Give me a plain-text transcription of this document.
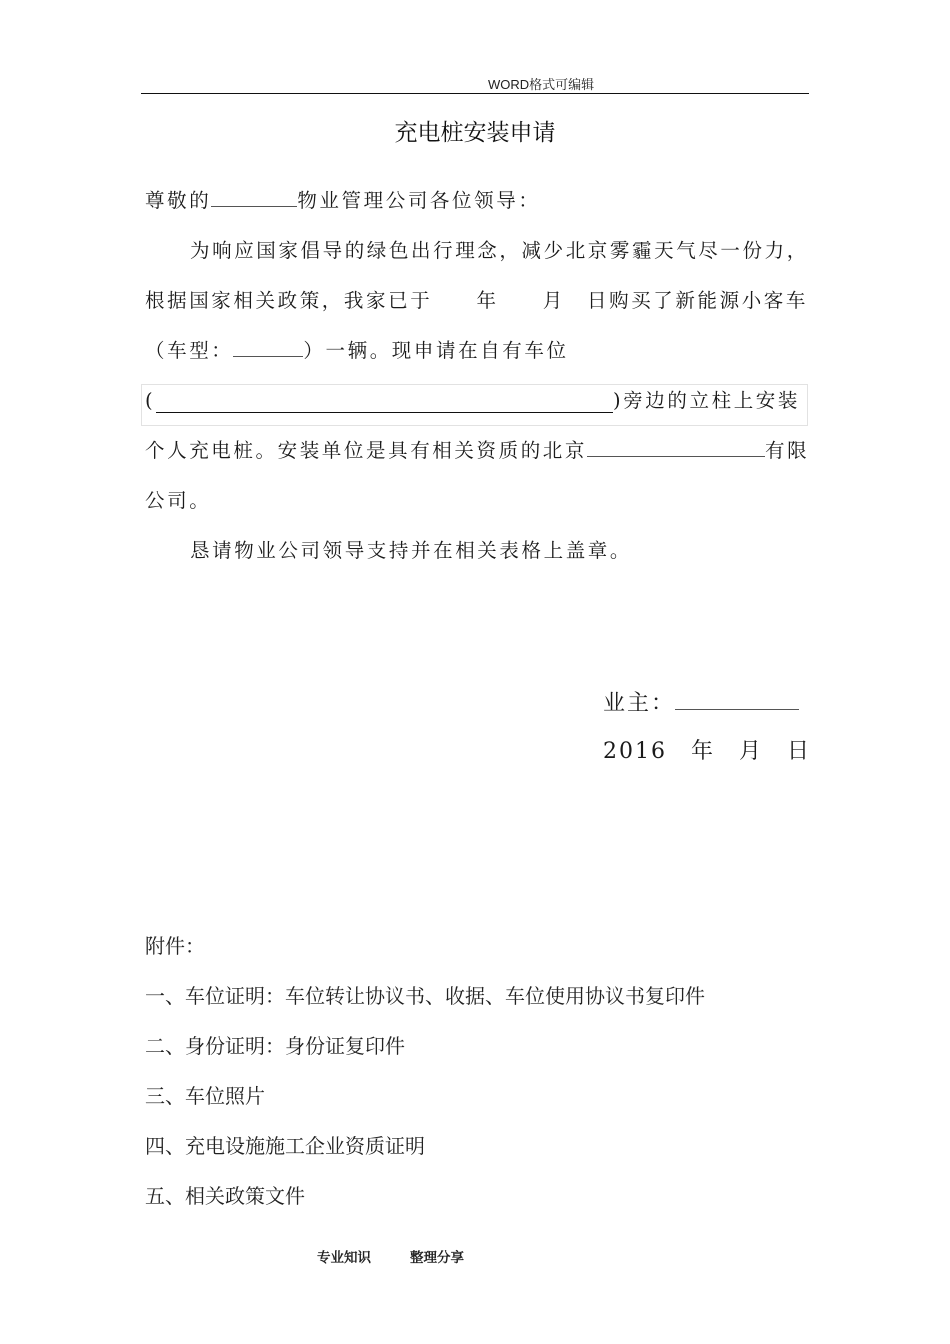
WORD格式可编辑
充电桩安装申请
尊敬的	物业管理公司各位领导：
为响应国家倡导的绿色出行理念，减少北京雾霾天气尽一份力，
根据国家相关政策，我家已于　　年　　月　日购买了新能源小客车
（车型：	）一辆。现申请在自有车位
(	)旁边的立柱上安装
个人充电桩。安装单位是具有相关资质的北京	有限
公司。
恳请物业公司领导支持并在相关表格上盖章。
业主：
2016　年　月　日
附件：
一、车位证明：车位转让协议书、收据、车位使用协议书复印件
二、身份证明：身份证复印件
三、车位照片
四、充电设施施工企业资质证明
五、相关政策文件
专业知识	整理分享
